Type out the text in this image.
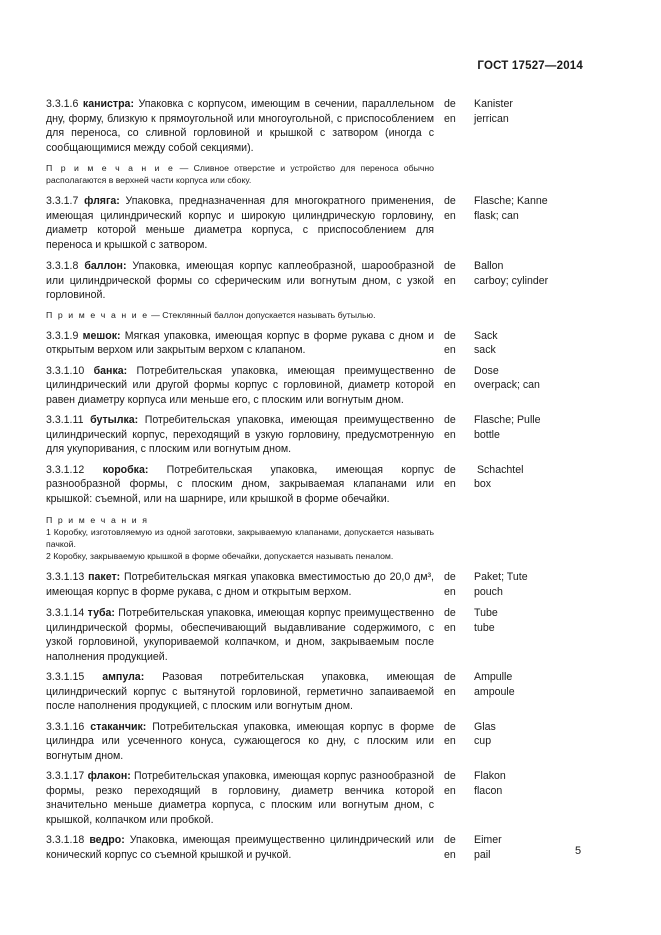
ГОСТ 17527—2014
3.3.1.6 канистра: Упаковка с корпусом, имеющим в сечении, параллельном дну, форму, близкую к прямоугольной или многоугольной, с приспособлением для переноса, со сливной горловиной и крышкой с затвором (иногда с сообщающимися между собой секциями).
de
en
Kanister
jerrican
П р и м е ч а н и е — Сливное отверстие и устройство для переноса обычно располагаются в верхней части корпуса или сбоку.
3.3.1.7 фляга: Упаковка, предназначенная для многократного применения, имеющая цилиндрический корпус и широкую цилиндрическую горловину, диаметр которой меньше диаметра корпуса, с приспособлением для переноса и крышкой с затвором.
de
en
Flasche; Kanne
flask; can
3.3.1.8 баллон: Упаковка, имеющая корпус каплеобразной, шарообразной или цилиндрической формы со сферическим или вогнутым дном, с узкой горловиной.
de
en
Ballon
carboy; cylinder
П р и м е ч а н и е — Стеклянный баллон допускается называть бутылью.
3.3.1.9 мешок: Мягкая упаковка, имеющая корпус в форме рукава с дном и открытым верхом или закрытым верхом с клапаном.
de
en
Sack
sack
3.3.1.10 банка: Потребительская упаковка, имеющая преимущественно цилиндрический или другой формы корпус с горловиной, диаметр которой равен диаметру корпуса или меньше его, с плоским или вогнутым дном.
de
en
Dose
overpack; can
3.3.1.11 бутылка: Потребительская упаковка, имеющая преимущественно цилиндрический корпус, переходящий в узкую горловину, предусмотренную для укупоривания, с плоским или вогнутым дном.
de
en
Flasche; Pulle
bottle
3.3.1.12 коробка: Потребительская упаковка, имеющая корпус разнообразной формы, с плоским дном, закрываемая клапанами или крышкой: съемной, или на шарнире, или крышкой в форме обечайки.
de
en
Schachtel
box
П р и м е ч а н и я
1 Коробку, изготовляемую из одной заготовки, закрываемую клапанами, допускается называть пачкой.
2 Коробку, закрываемую крышкой в форме обечайки, допускается называть пеналом.
3.3.1.13 пакет: Потребительская мягкая упаковка вместимостью до 20,0 дм³, имеющая корпус в форме рукава, с дном и открытым верхом.
de
en
Paket; Tute
pouch
3.3.1.14 туба: Потребительская упаковка, имеющая корпус преимущественно цилиндрической формы, обеспечивающий выдавливание содержимого, с узкой горловиной, укупориваемой колпачком, и дном, закрываемым после наполнения продукцией.
de
en
Tube
tube
3.3.1.15 ампула: Разовая потребительская упаковка, имеющая цилиндрический корпус с вытянутой горловиной, герметично запаиваемой после наполнения продукцией, с плоским или вогнутым дном.
de
en
Ampulle
ampoule
3.3.1.16 стаканчик: Потребительская упаковка, имеющая корпус в форме цилиндра или усеченного конуса, сужающегося ко дну, с плоским или вогнутым дном.
de
en
Glas
cup
3.3.1.17 флакон: Потребительская упаковка, имеющая корпус разнообразной формы, резко переходящий в горловину, диаметр венчика которой значительно меньше диаметра корпуса, с плоским или вогнутым дном, с крышкой, колпачком или пробкой.
de
en
Flakon
flacon
3.3.1.18 ведро: Упаковка, имеющая преимущественно цилиндрический или конический корпус со съемной крышкой и ручкой.
de
en
Eimer
pail	5
